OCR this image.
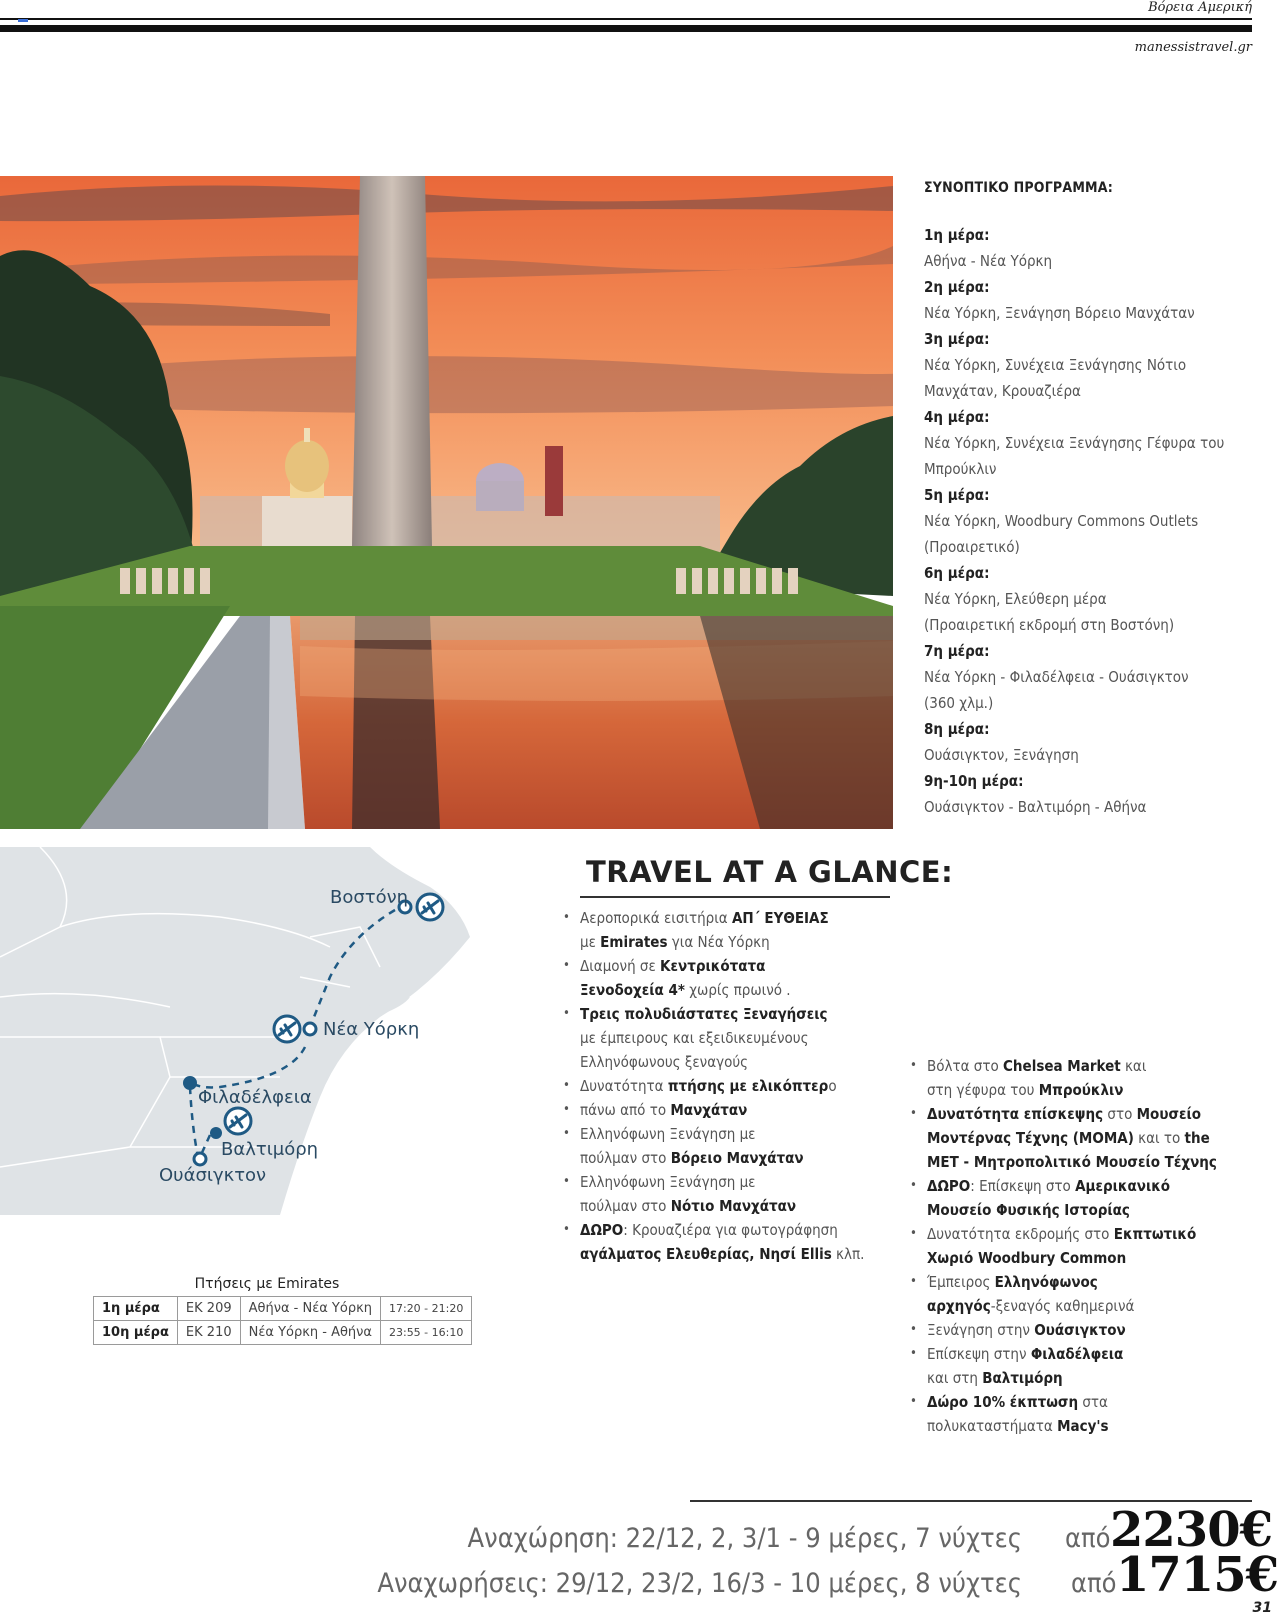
Βόρεια Αμερική
manessistravel.gr
ΣΥΝΟΠΤΙΚΟ ΠΡΟΓΡΑΜΜΑ:
1η μέρα:
Αθήνα - Νέα Υόρκη
2η μέρα:
Νέα Υόρκη, Ξενάγηση Βόρειο Μανχάταν
3η μέρα:
Νέα Υόρκη, Συνέχεια Ξενάγησης Νότιο
Μανχάταν, Κρουαζιέρα
4η μέρα:
Νέα Υόρκη, Συνέχεια Ξενάγησης Γέφυρα του
Μπρούκλιν
5η μέρα:
Νέα Υόρκη, Woodbury Commons Outlets
(Προαιρετικό)
6η μέρα:
Νέα Υόρκη, Ελεύθερη μέρα
(Προαιρετική εκδρομή στη Βοστόνη)
7η μέρα:
Νέα Υόρκη - Φιλαδέλφεια - Ουάσιγκτον
(360 χλμ.)
8η μέρα:
Ουάσιγκτον, Ξενάγηση
9η-10η μέρα:
Ουάσιγκτον - Βαλτιμόρη - Αθήνα
Βοστόνη
Νέα Υόρκη
Φιλαδέλφεια
Βαλτιμόρη
Ουάσιγκτον
Πτήσεις με Emirates
1η μέρα	ΕΚ 209	Αθήνα - Νέα Υόρκη	17:20 - 21:20
10η μέρα	ΕΚ 210	Νέα Υόρκη - Αθήνα	23:55 - 16:10
TRAVEL AT A GLANCE:
• Αεροπορικά εισιτήρια ΑΠ΄ ΕΥΘΕΙΑΣ
με Emirates για Νέα Υόρκη
• Διαμονή σε Κεντρικότατα
Ξενοδοχεία 4* χωρίς πρωινό .
• Τρεις πολυδιάστατες Ξεναγήσεις
με έμπειρους και εξειδικευμένους
Ελληνόφωνους ξεναγούς
• Δυνατότητα πτήσης με ελικόπτερο
• πάνω από το Μανχάταν
• Ελληνόφωνη Ξενάγηση με
πούλμαν στο Βόρειο Μανχάταν
• Ελληνόφωνη Ξενάγηση με
πούλμαν στο Νότιο Μανχάταν
• ΔΩΡΟ: Κρουαζιέρα για φωτογράφηση
αγάλματος Ελευθερίας, Νησί Ellis κλπ.
• Βόλτα στο Chelsea Market και
στη γέφυρα του Μπρούκλιν
• Δυνατότητα επίσκεψης στο Μουσείο
Μοντέρνας Τέχνης (ΜΟΜΑ) και το the
MET - Μητροπολιτικό Μουσείο Τέχνης
• ΔΩΡΟ: Επίσκεψη στο Αμερικανικό
Μουσείο Φυσικής Ιστορίας
• Δυνατότητα εκδρομής στο Εκπτωτικό
Χωριό Woodbury Common
• Έμπειρος Ελληνόφωνος
αρχηγός-ξεναγός καθημερινά
• Ξενάγηση στην Ουάσιγκτον
• Επίσκεψη στην Φιλαδέλφεια
και στη Βαλτιμόρη
• Δώρο 10% έκπτωση στα
πολυκαταστήματα Macy's
Αναχώρηση: 22/12, 2, 3/1 - 9 μέρες, 7 νύχτες από 2230€
Αναχωρήσεις: 29/12, 23/2, 16/3 - 10 μέρες, 8 νύχτες από 1715€
31
